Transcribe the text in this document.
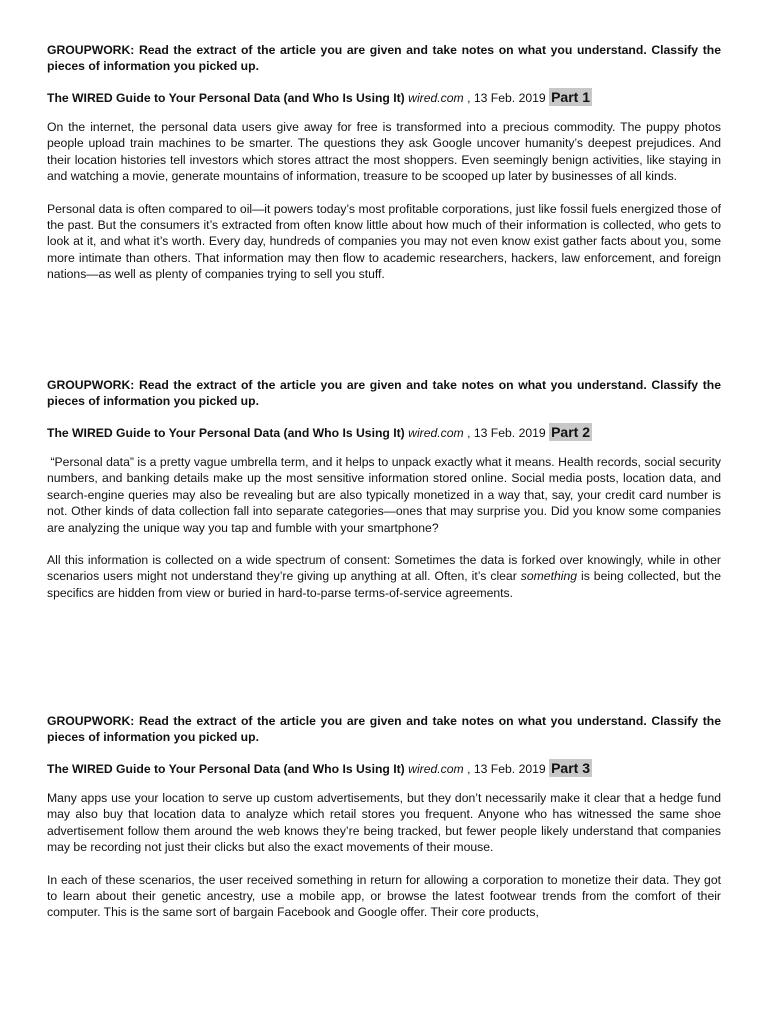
GROUPWORK: Read the extract of the article you are given and take notes on what you understand. Classify the pieces of information you picked up.

The WIRED Guide to Your Personal Data (and Who Is Using It) wired.com , 13 Feb. 2019 Part 1

On the internet, the personal data users give away for free is transformed into a precious commodity. The puppy photos people upload train machines to be smarter. The questions they ask Google uncover humanity’s deepest prejudices. And their location histories tell investors which stores attract the most shoppers. Even seemingly benign activities, like staying in and watching a movie, generate mountains of information, treasure to be scooped up later by businesses of all kinds.

Personal data is often compared to oil—it powers today’s most profitable corporations, just like fossil fuels energized those of the past. But the consumers it’s extracted from often know little about how much of their information is collected, who gets to look at it, and what it’s worth. Every day, hundreds of companies you may not even know exist gather facts about you, some more intimate than others. That information may then flow to academic researchers, hackers, law enforcement, and foreign nations—as well as plenty of companies trying to sell you stuff.

GROUPWORK: Read the extract of the article you are given and take notes on what you understand. Classify the pieces of information you picked up.

The WIRED Guide to Your Personal Data (and Who Is Using It) wired.com , 13 Feb. 2019 Part 2

“Personal data” is a pretty vague umbrella term, and it helps to unpack exactly what it means. Health records, social security numbers, and banking details make up the most sensitive information stored online. Social media posts, location data, and search-engine queries may also be revealing but are also typically monetized in a way that, say, your credit card number is not. Other kinds of data collection fall into separate categories—ones that may surprise you. Did you know some companies are analyzing the unique way you tap and fumble with your smartphone?

All this information is collected on a wide spectrum of consent: Sometimes the data is forked over knowingly, while in other scenarios users might not understand they’re giving up anything at all. Often, it’s clear something is being collected, but the specifics are hidden from view or buried in hard-to-parse terms-of-service agreements.

GROUPWORK: Read the extract of the article you are given and take notes on what you understand. Classify the pieces of information you picked up.

The WIRED Guide to Your Personal Data (and Who Is Using It) wired.com , 13 Feb. 2019 Part 3

Many apps use your location to serve up custom advertisements, but they don’t necessarily make it clear that a hedge fund may also buy that location data to analyze which retail stores you frequent. Anyone who has witnessed the same shoe advertisement follow them around the web knows they’re being tracked, but fewer people likely understand that companies may be recording not just their clicks but also the exact movements of their mouse.

In each of these scenarios, the user received something in return for allowing a corporation to monetize their data. They got to learn about their genetic ancestry, use a mobile app, or browse the latest footwear trends from the comfort of their computer. This is the same sort of bargain Facebook and Google offer. Their core products,
